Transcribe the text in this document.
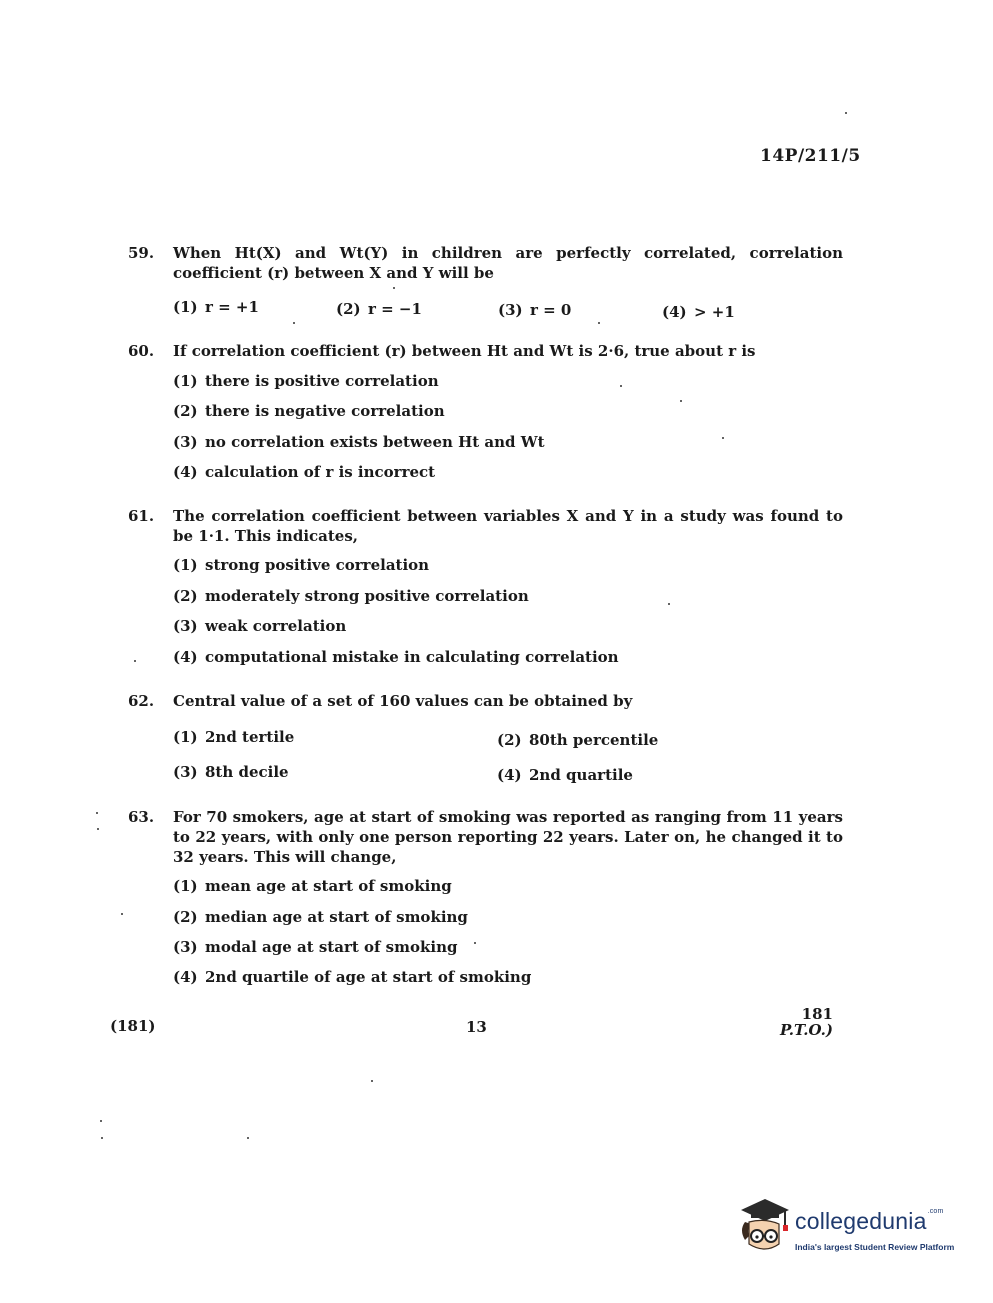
14P/211/5
59.	When Ht(X) and Wt(Y) in children are perfectly correlated, correlation coefficient (r) between X and Y will be
(1) r = +1	(2) r = −1	(3) r = 0	(4) > +1
60.	If correlation coefficient (r) between Ht and Wt is 2·6, true about r is
(1) there is positive correlation
(2) there is negative correlation
(3) no correlation exists between Ht and Wt
(4) calculation of r is incorrect
61.	The correlation coefficient between variables X and Y in a study was found to be 1·1. This indicates,
(1) strong positive correlation
(2) moderately strong positive correlation
(3) weak correlation
(4) computational mistake in calculating correlation
62.	Central value of a set of 160 values can be obtained by
(1) 2nd tertile	(2) 80th percentile
(3) 8th decile	(4) 2nd quartile
63.	For 70 smokers, age at start of smoking was reported as ranging from 11 years to 22 years, with only one person reporting 22 years. Later on, he changed it to 32 years. This will change,
(1) mean age at start of smoking
(2) median age at start of smoking
(3) modal age at start of smoking
(4) 2nd quartile of age at start of smoking
(181)	13
181
P.T.O.)
collegedunia$^{.com}$
India's largest Student Review Platform
